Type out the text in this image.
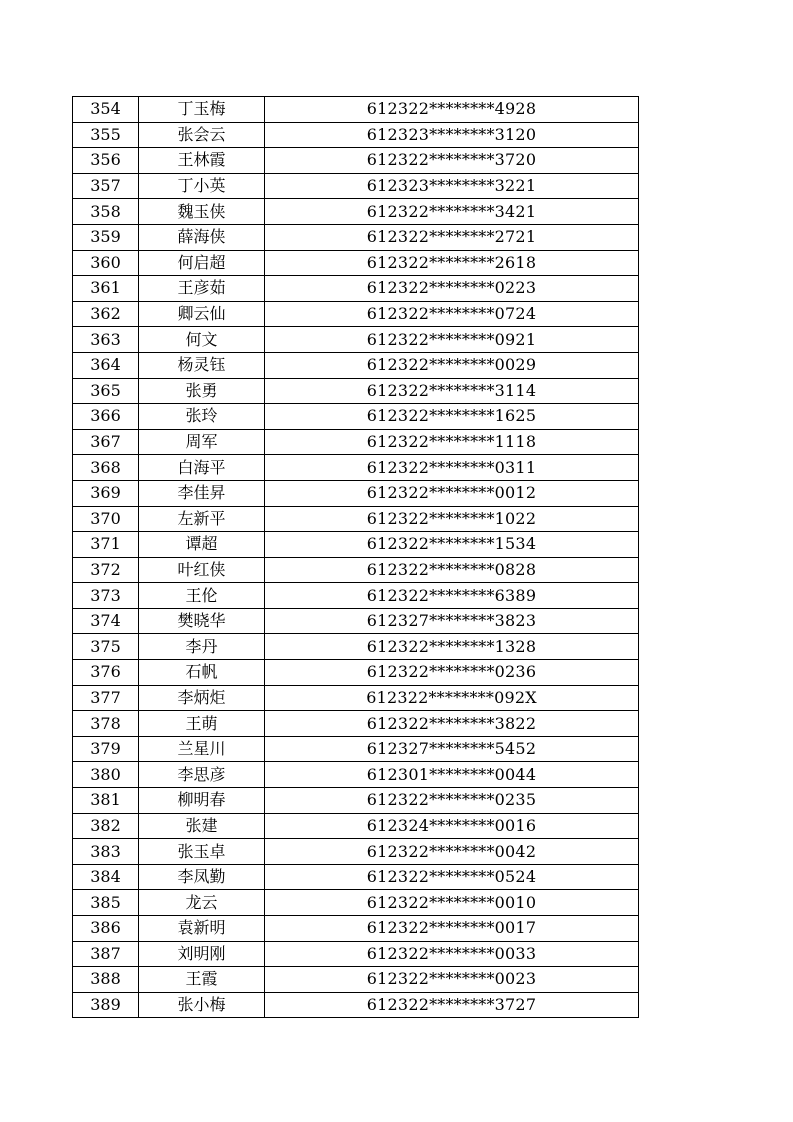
354	丁玉梅	612322********4928
355	张会云	612323********3120
356	王林霞	612322********3720
357	丁小英	612323********3221
358	魏玉侠	612322********3421
359	薛海侠	612322********2721
360	何启超	612322********2618
361	王彦茹	612322********0223
362	卿云仙	612322********0724
363	何文	612322********0921
364	杨灵钰	612322********0029
365	张勇	612322********3114
366	张玲	612322********1625
367	周军	612322********1118
368	白海平	612322********0311
369	李佳昇	612322********0012
370	左新平	612322********1022
371	谭超	612322********1534
372	叶红侠	612322********0828
373	王伦	612322********6389
374	樊晓华	612327********3823
375	李丹	612322********1328
376	石帆	612322********0236
377	李炳炬	612322********092X
378	王萌	612322********3822
379	兰星川	612327********5452
380	李思彦	612301********0044
381	柳明春	612322********0235
382	张建	612324********0016
383	张玉卓	612322********0042
384	李凤勤	612322********0524
385	龙云	612322********0010
386	袁新明	612322********0017
387	刘明刚	612322********0033
388	王霞	612322********0023
389	张小梅	612322********3727
